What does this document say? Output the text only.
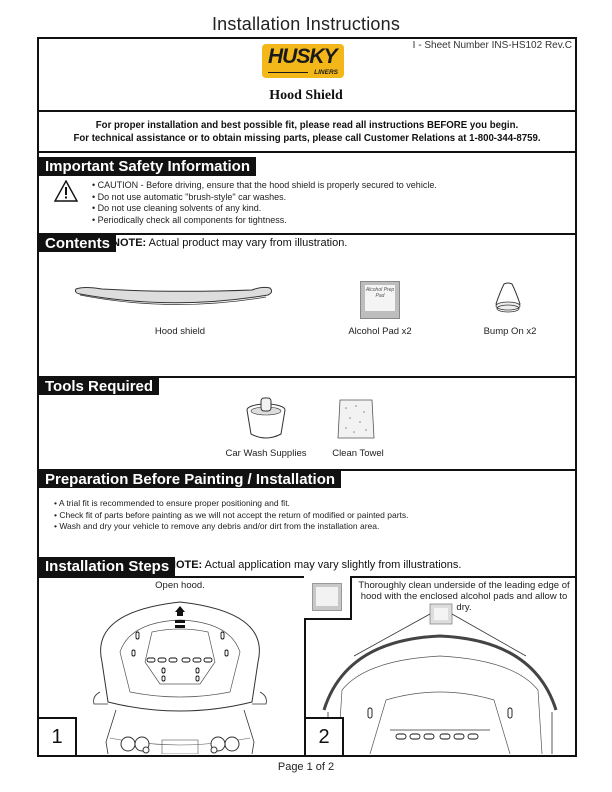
Installation Instructions
I - Sheet Number INS-HS102 Rev.C
HUSKY
LINERS
Hood Shield
For proper installation and best possible fit, please read all instructions BEFORE you begin.
For technical assistance or to obtain missing parts, please call Customer Relations at 1-800-344-8759.
Important Safety Information
• CAUTION - Before driving, ensure that the hood shield is properly secured to vehicle.
• Do not use automatic "brush-style" car washes.
• Do not use cleaning solvents of any kind.
• Periodically check all components for tightness.
Contents NOTE: Actual product may vary from illustration.
Hood shield
Alcohol Prep Pad
Alcohol Pad x2	Bump On x2
Tools Required
Car Wash Supplies	Clean Towel
Preparation Before Painting / Installation
• A trial fit is recommended to ensure proper positioning and fit.
• Check fit of parts before painting as we will not accept the return of modified or painted parts.
• Wash and dry your vehicle to remove any debris and/or dirt from the installation area.
Installation Steps
NOTE: Actual application may vary slightly from illustrations.
Open hood.
1
Thoroughly clean underside of the leading edge of hood with the enclosed alcohol pads and allow to dry.
2
Page 1 of 2
